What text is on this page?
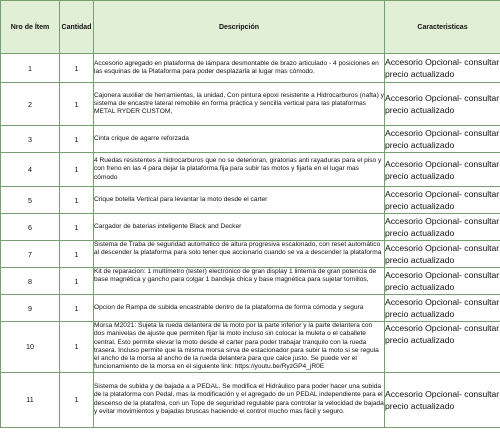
Nro de Ítem	Cantidad	Descripción	Caracteristicas
1	1	Accesorio agregado en plataforma de lámpara desmontable de brazo articulado - 4 posiciones en las esquinas de la Plataforma para poder desplazarla al lugar mas cómodo.	Accesorio Opcional- consultar precio actualizado
2	1	Cajonera auxiliar de herramientas, la unidad, Con pintura epoxi resistente a Hidrocarburos (nafta) y sistema de encastre lateral remobile en forma práctica y sencilla vertical para las plataformas METAL RYDER CUSTOM,	Accesorio Opcional- consultar precio actualizado
3	1	Cinta crique de agarre reforzada	Accesorio Opcional- consultar precio actualizado
4	1	4 Ruedas resistentes a hidrocarburos que no se deterioran, giratorias anti rayaduras para el piso y con freno en las 4 para dejar la plataforma fija para subir las motos y fijarla en el lugar mas cómodo	Accesorio Opcional- consultar precio actualizado
5	1	Crique botella Vertical para levantar la moto desde el carter	Accesorio Opcional- consultar precio actualizado
6	1	Cargador de baterias inteligente Black and Decker	Accesorio Opcional- consultar precio actualizado
7	1	Sistema de Traba de seguridad automatico de altura progresiva escalonado, con reset automático al descender la plataforma para solo tener que accionarlo cuando se va a descender la plataforma	Accesorio Opcional- consultar precio actualizado
8	1	Kit de reparacion: 1 multímetro (tester) electrónico de gran display 1 linterna de gran potencia de base magnética y gancho para colgar 1 bandeja chica y base magnética para sujetar tornillos,	Accesorio Opcional- consultar precio actualizado
9	1	Opcion de Rampa de subida encastrable dentro de la plataforma de forma cómoda y segura	Accesorio Opcional- consultar precio actualizado
10	1	Morsa M2021: Sujeta la rueda delantera de la moto por la parte inferior y la parte delantera con dos manivelas de ajuste que permiten fijar la moto incluso sin colocar la muleta o el caballete central. Esto permite elevar la moto desde el carter para poder trabajar tranquilo con la rueda trasera. Incluso permite que la misma morsa sirva de estacionador para subir la moto si se regula el ancho de la morsa al ancho de la rueda delantera para que calce justo. Se puede ver el funcionamiento de la morsa en el siguiente link: https://youtu.be/RyzGP4_jR0E	Accesorio Opcional- consultar precio actualizado
11	1	Sistema de subida y de bajada a a PEDAL. Se modifica el Hidráulico para poder hacer una subida de la plataforma con Pedal, mas la modificación y el agregado de un PEDAL independiente para el descenso de la platafma, con un Tope de seguridad regulable para controlar la velocidad de bajada y evitar movimientos y bajadas bruscas haciendo el control mucho mas fácil y seguro.	Accesorio Opcional- consultar precio actualizado
